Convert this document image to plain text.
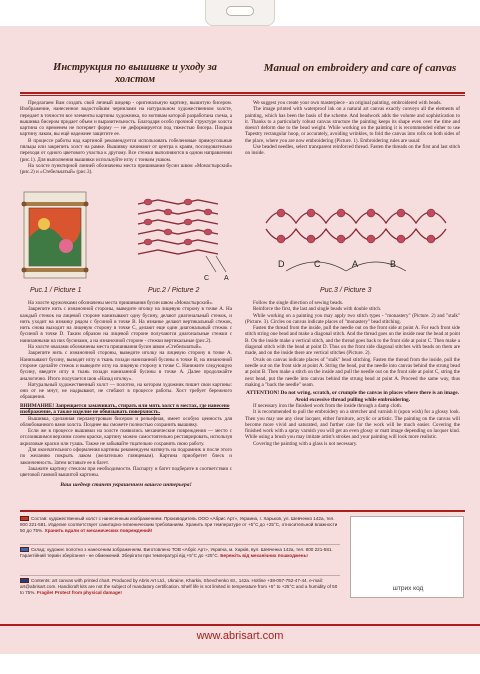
Инструкция по вышивке и уходу за холстом
Manual on embroidery and care of canvas

Предлагаем Вам создать свой личный шедевр - оригинальную картину, вышитую бисером. Изображение, нанесенное водостойким чернилами на натуральном художественном холсте, передает в точности все элементы картины художника, по мотивам которой разработана схема, а вышивка бисером придает объем и выразительность. Благодаря особо прочной структуре холста картина со временем не потеряет форму — не деформируется под тяжестью бисера. Покрыв картину лаком, вы ещё надежнее защитите ее.

В процессе работы над картиной рекомендуется использовать гобеленовые прямоугольные пяльцы или закрепить холст на рамке. Вышивку начинают от центра к краям, последовательно переходя от одного цветового участка к другому. Все стежки выполняются в одном направлении (рис.1). Для выполнения вышивки используйте иглу с тонким ушком.

На холсте пунктирной линией обозначены места пришивания бусин швом «Монастырский» (рис.2) и «Стебельчатый» (рис.3).

We suggest you create your own masterpiece - an original painting, embroidered with beads.

The image printed with waterproof ink on a natural art canvas exactly conveys all the elements of painting, which has been the basis of the scheme. And beadwork adds the volume and sophistication to it. Thanks to a particularly robust canvas structure the painting keeps its shape even over the time and doesn't deform due to the bead weight. While working on the painting it is recommended either to use Tapestry rectangular hoop, or accurately, avoiding wrinkles, to fold the canvas into rolls on both sides of the place, where you are now embroidering (Picture. 1). Embroidering rules are usual:

Use beaded needles, select transparent reinforced thread. Fasten the threads on the first and last stitch on inside.

C A
D	C	A	B
Рис.1 / Picture 1	Рис.2 / Picture 2	Рис.3 / Picture 3

На холсте кружочками обозначены места пришивания бусин швом «Монастырский».

Закрепите нить с изнаночной стороны, выведите иголку на лицевую сторону в точке А. На каждый стежок на лицевой стороне нанизывают одну бусину, делают диагональный стежок, и нить уходит на изнанку рядом с бусиной в точке В. На изнанке делают вертикальный стежок, нить снова выходит на лицевую сторону в точке С, делают еще один диагональный стежок с бусиной в точке D. Таким образом на лицевой стороне получаются диагональные стежки с нанизанными на них бусинами, а на изнаночной стороне - стежки вертикальные (рис.2).

На холсте овалами обозначены места пришивания бусин швом «Стебельчатый».

Закрепите нить с изнаночной стороны, выведите иголку на лицевую сторону в точке А. Нанизывают бусину, выводят иглу в ткань позади нанизанной бусины в точке В, на изнаночной стороне сделайте стежок и выведите иглу на лицевую сторону в точке С. Нанижите следующую бусину, введите иглу в ткань позади нанизанной бусины в точке А. Далее продолжайте аналогично. Итого получается шов «Назад иголку».

Натуральный художественный холст — полотно, на котором художник пишет свои картины: они от не мнут, не надрывают, не сгибают в процессе работы. Хост требует бережного обращения.

ВНИМАНИЕ! Запрещается замачивать, стирать или мять холст в местах, где нанесено изображение, а также изделие не обвязывать поверхность.

Вышивка, сделанная перламутровым бисером и рельефная, имеет особую ценность для облюбованного вами холста. Позднее вы сможете полностью сохранить вышивку.

Если же в процессе вышивки на холсте появились механические повреждения — место с отслоившимся верхним слоем краски, картину можно самостоятельно реставрировать, используя акриловые краски или гуашь. Также не забывайте тщательно сохранять свою работу.

Для окончательного оформления картины рекомендуем натянуть на подрамник и после этого по желанию покрыть лаком (желательно глянцевым). Картина приобретет блеск и законченность. Затем вставьте ее в багет.

Закажите картину стеклом при необходимости. Паспарту и багет подберите в соответствии с цветовой гаммой вышитой картины.

Ваш шедевр станет украшением вашего интерьера!

Follow the single direction of sewing beads.

Reinforce the first, the last and single beads with double stitch.

While working on a painting you may apply two stitch types - "monastery" (Picture. 2) and "stalk" (Picture. 3). Circles on canvas indicate places of "monastery" bead stitching.

Fasten the thread from the inside, pull the needle out on the front side at point A. For each front side stitch string one bead and make a diagonal stitch. And the thread goes on the inside near the bead at point B. On the inside make a vertical stitch, and the thread goes back to the front side at point C. Then make a diagonal stitch with the bead at point D. Thus on the front side diagonal stitches with beads on them are made, and on the inside there are vertical stitches (Picture. 2).

Ovals on canvas indicate places of "stalk" bead stitching. Fasten the thread from the inside, pull the needle out on the front side at point A. String the bead, put the needle into canvas behind the strung bead at point B. Then make a stitch on the inside and pull the needle out on the front side at point C, string the next bead, put the needle into canvas behind the strung bead at point A. Proceed the same way, thus making a "back the needle" seam.

ATTENTION! Do not wring, scratch, or crumple the canvas in places where there is an image. Avoid excessive thread pulling while embroidering.

If necessary iron the finished work from the inside through a damp cloth.

It is recommended to pull the embroidery on a stretcher and varnish it (upon wish) for a glossy look. Then you may use any clear lacquer, either furniture, acrylic or artistic. The painting on the canvas will become more vivid and saturated, and further care for the work will be much easier. Covering the finished work with a spray varnish you will get an even glossy or matt image depending on lacquer kind. While using a brush you may imitate artist's strokes and your painting will look more realistic.

Covering the painting with a glass is not necessary.

Состав: художественный холст с нанесенным изображением. Производитель ООО «Абрис Арт», Украина, г. Харьков, ул. Шевченко 142а, тел. 800 221-581. Изделие соответствует санитарно-гигиеническим требованиям. Хранить при температуре от +5°С до +25°С, относительной влажности 50 до 75%. Хранить вдали от механических повреждений!
Склад: художнє полотно з нанесеним зображенням. Виготовлено ТОВ «Абріс Арт», Україна, м. Харків, вул. Шевченка 142а, тел. 800 221-581. Гарантійний термін зберігання - не обмежений. Зберігати при температурі від +5°С до +25°С. Бережіть від механічних пошкоджень!
Contents: art canvas with printed chart. Produced by Abris Art Ltd., Ukraine, Kharkiv, Shevchenko str., 142a. Hotline +38-057-752-47-44. e-mail: art@abrisart.com. Handicraft kits are not the subject of mandatory certification. Shelf life is not limited in temperature from +5° to +25°C and a humidity of 50 to 75%. Fragile! Protect from physical damage!
штрих код
www.abrisart.com
